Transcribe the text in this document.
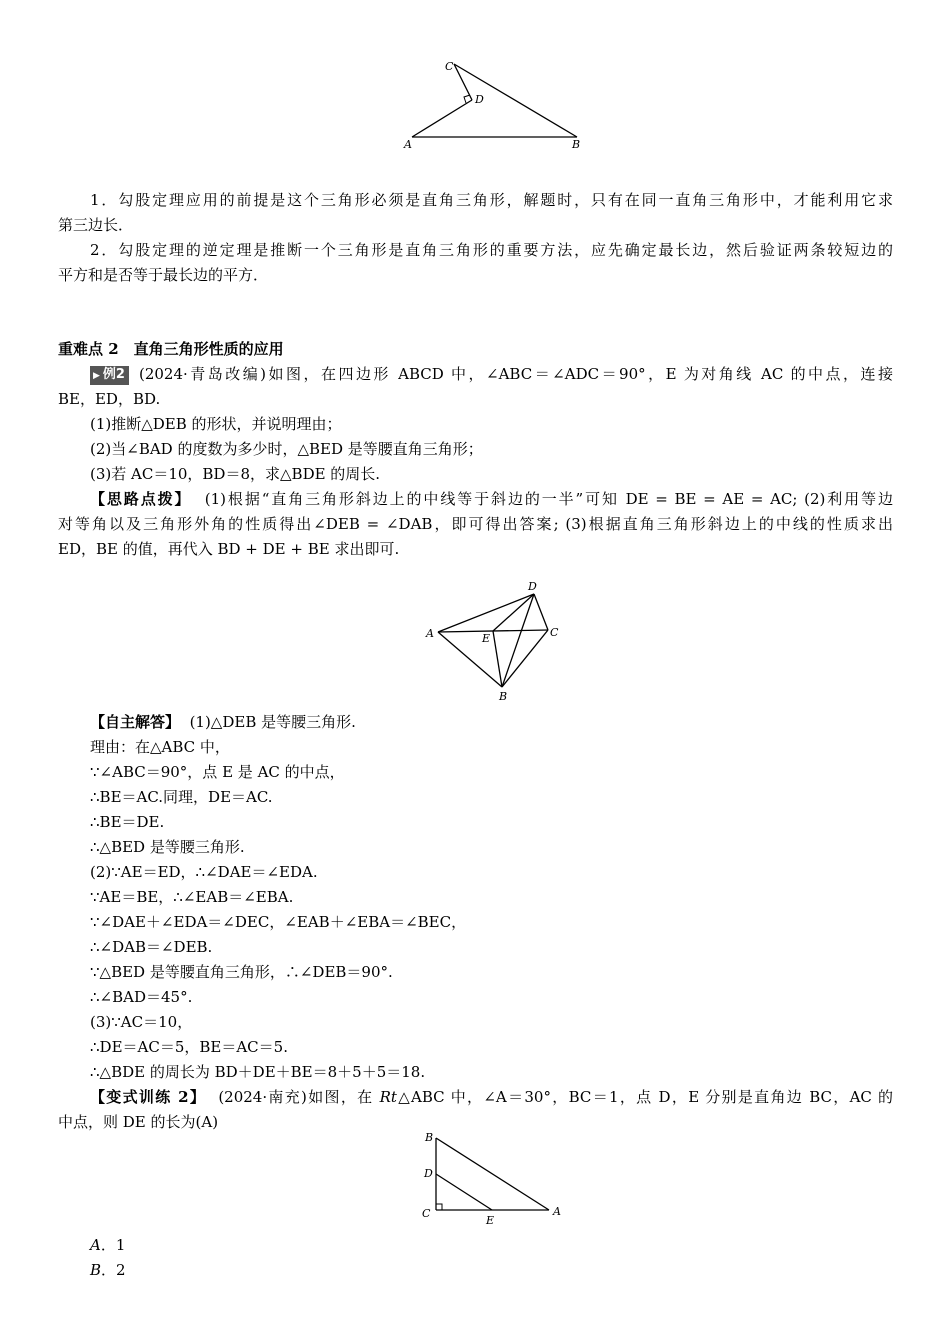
C
D
A	B
1．勾股定理应用的前提是这个三角形必须是直角三角形，解题时，只有在同一直角三角形中，才能利用它求
第三边长．
2．勾股定理的逆定理是推断一个三角形是直角三角形的重要方法，应先确定最长边，然后验证两条较短边的
平方和是否等于最长边的平方．
重难点 2　直角三角形性质的应用
▶ 例2 (2024·青岛改编)如图，在四边形 ABCD 中，∠ABC＝∠ADC＝90°，E 为对角线 AC 的中点，连接
BE，ED，BD.
(1)推断△DEB 的形状，并说明理由；
(2)当∠BAD 的度数为多少时，△BED 是等腰直角三角形；
(3)若 AC＝10，BD＝8，求△BDE 的周长.
【思路点拨】 (1)根据“直角三角形斜边上的中线等于斜边的一半”可知 DE = BE = AE = AC; (2)利用等边
对等角以及三角形外角的性质得出∠DEB = ∠DAB，即可得出答案; (3)根据直角三角形斜边上的中线的性质求出
ED，BE 的值，再代入 BD + DE + BE 求出即可.
D
A	E	C
B
【自主解答】 (1)△DEB 是等腰三角形.
理由：在△ABC 中，
∵∠ABC＝90°，点 E 是 AC 的中点，
∴BE＝AC.同理，DE＝AC.
∴BE＝DE.
∴△BED 是等腰三角形.
(2)∵AE＝ED，∴∠DAE＝∠EDA.
∵AE＝BE，∴∠EAB＝∠EBA.
∵∠DAE＋∠EDA＝∠DEC，∠EAB＋∠EBA＝∠BEC，
∴∠DAB＝∠DEB.
∵△BED 是等腰直角三角形，∴∠DEB＝90°.
∴∠BAD＝45°.
(3)∵AC＝10，
∴DE＝AC＝5，BE＝AC＝5.
∴△BDE 的周长为 BD＋DE＋BE＝8＋5＋5＝18.
【变式训练 2】 (2024·南充)如图，在 Rt△ABC 中，∠A＝30°，BC＝1，点 D，E 分别是直角边 BC，AC 的
中点，则 DE 的长为(A)
B
D
C
E
A
A．1
B．2
